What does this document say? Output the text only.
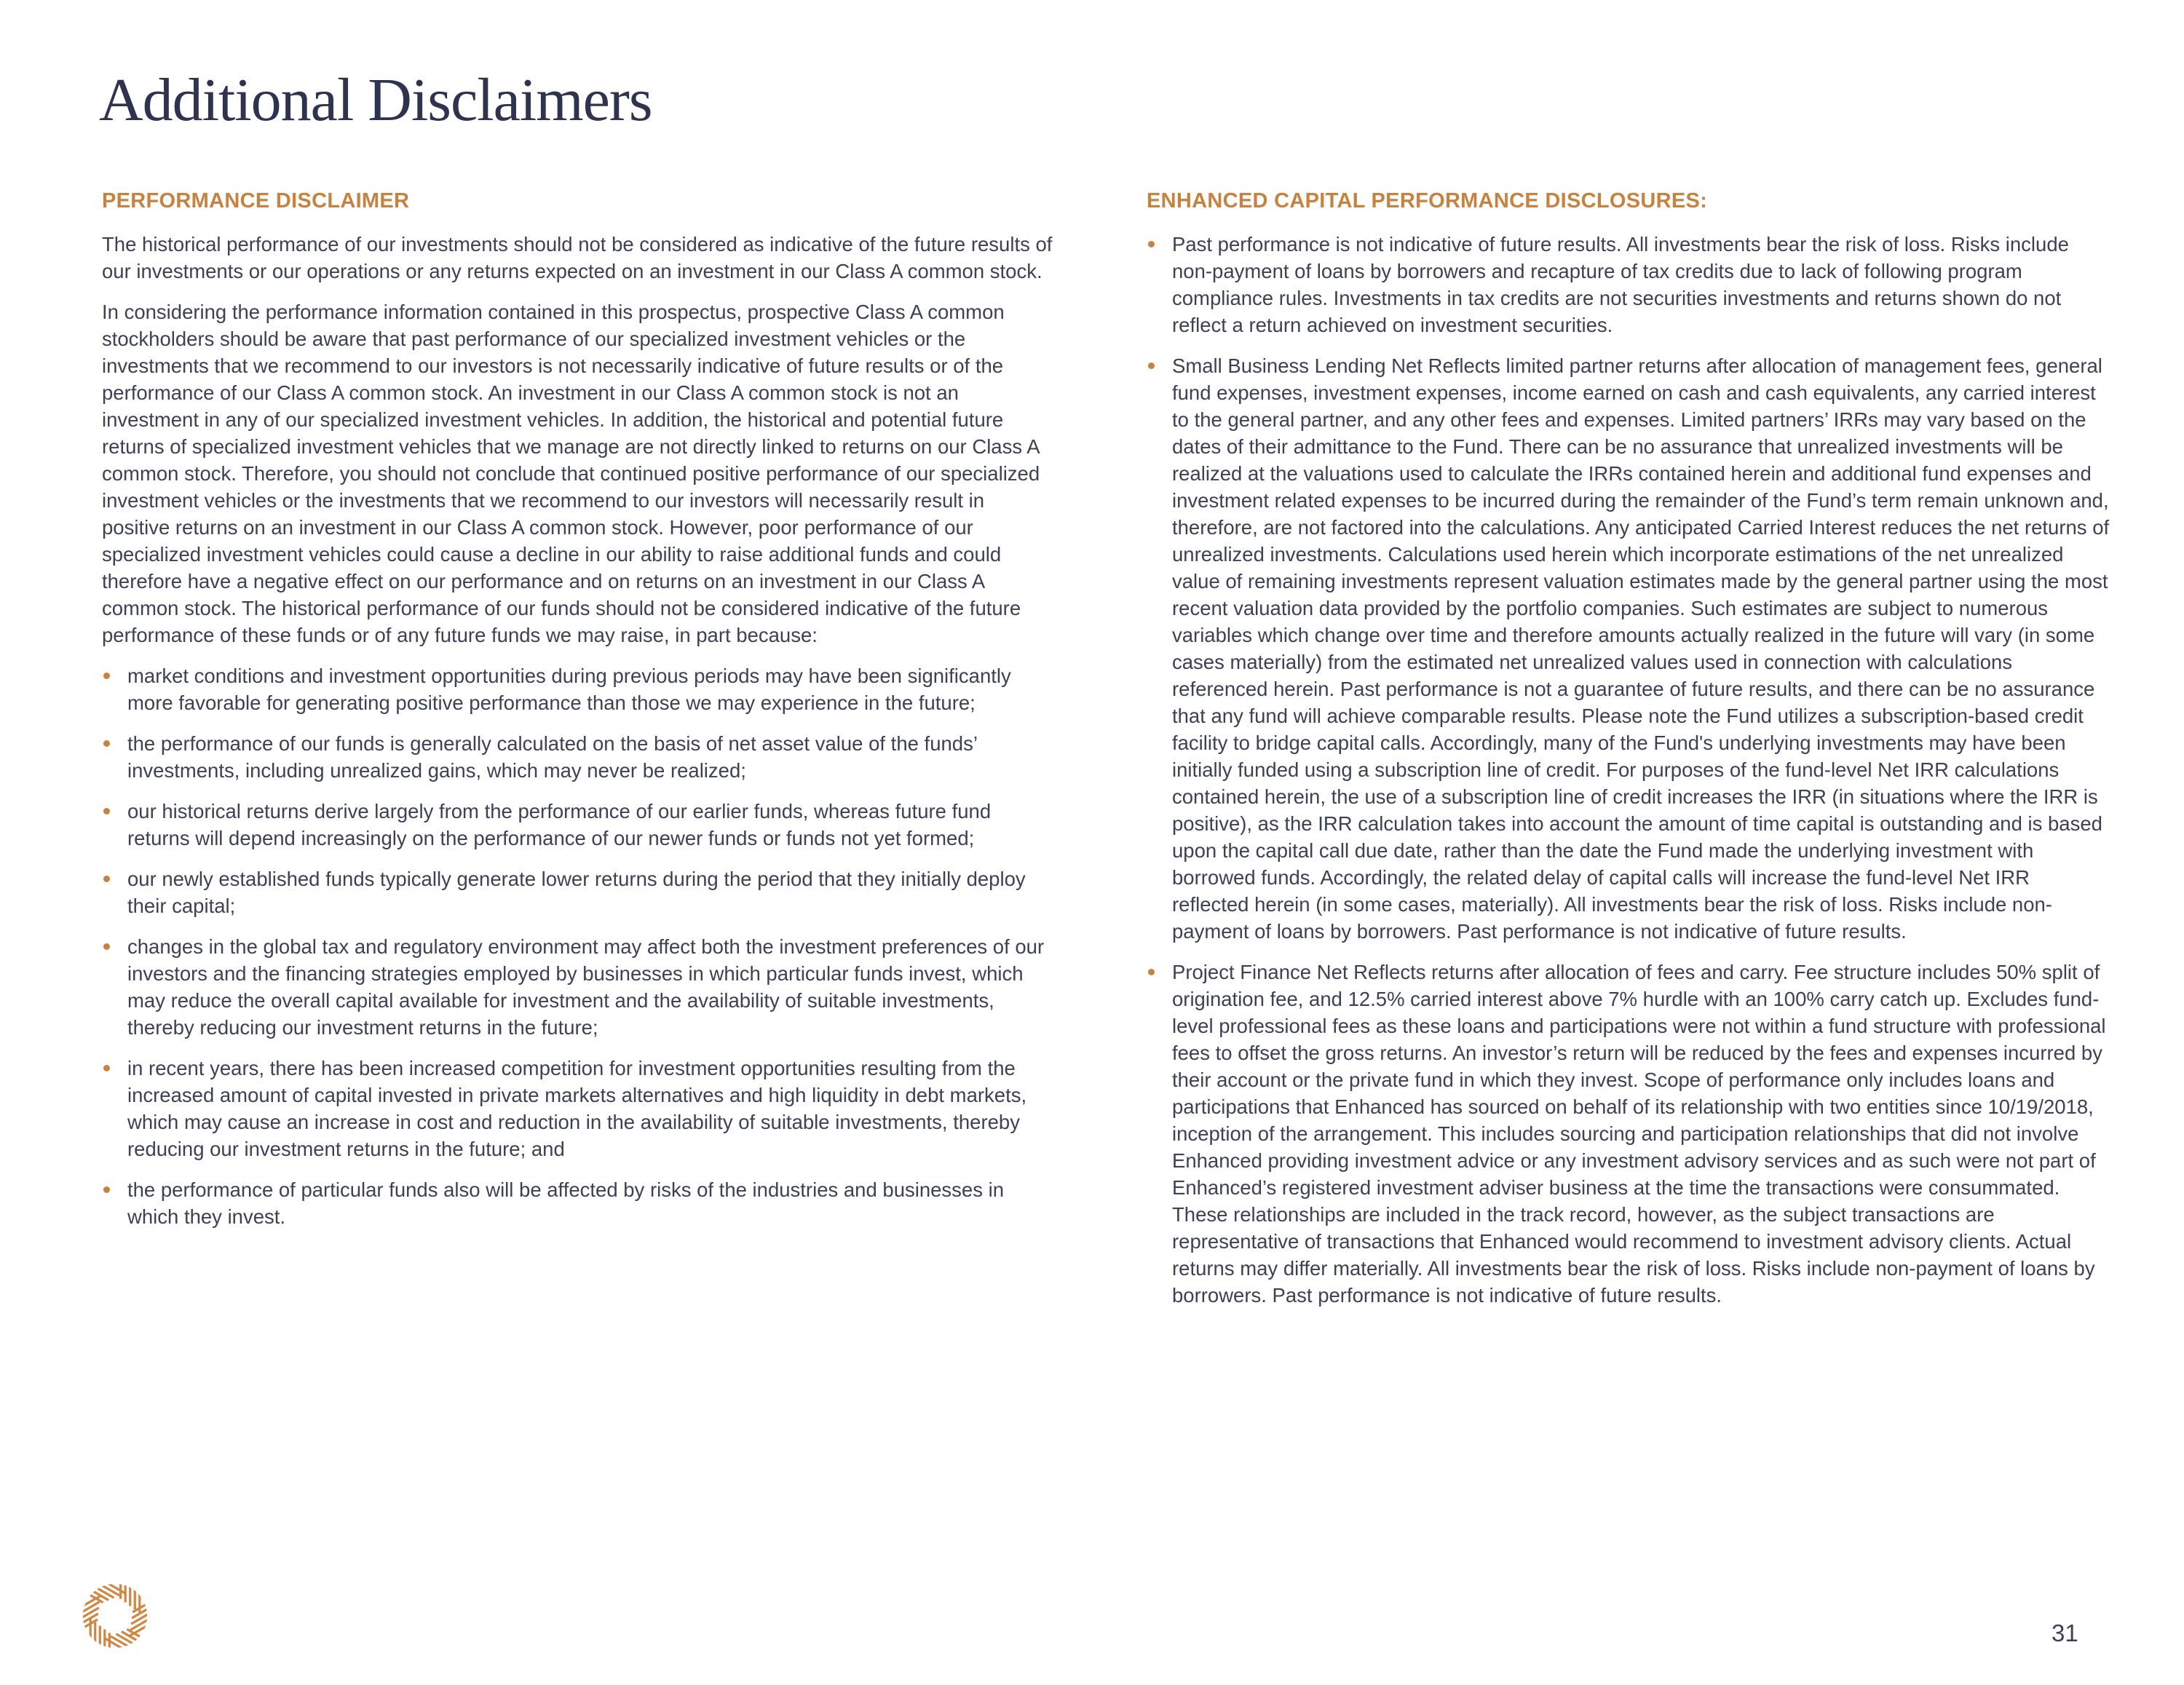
Additional Disclaimers
PERFORMANCE DISCLAIMER

The historical performance of our investments should not be considered as indicative of the future results of our investments or our operations or any returns expected on an investment in our Class A common stock.

In considering the performance information contained in this prospectus, prospective Class A common stockholders should be aware that past performance of our specialized investment vehicles or the investments that we recommend to our investors is not necessarily indicative of future results or of the performance of our Class A common stock. An investment in our Class A common stock is not an investment in any of our specialized investment vehicles. In addition, the historical and potential future returns of specialized investment vehicles that we manage are not directly linked to returns on our Class A common stock. Therefore, you should not conclude that continued positive performance of our specialized investment vehicles or the investments that we recommend to our investors will necessarily result in positive returns on an investment in our Class A common stock. However, poor performance of our specialized investment vehicles could cause a decline in our ability to raise additional funds and could therefore have a negative effect on our performance and on returns on an investment in our Class A common stock. The historical performance of our funds should not be considered indicative of the future performance of these funds or of any future funds we may raise, in part because:

market conditions and investment opportunities during previous periods may have been significantly more favorable for generating positive performance than those we may experience in the future;
the performance of our funds is generally calculated on the basis of net asset value of the funds’ investments, including unrealized gains, which may never be realized;
our historical returns derive largely from the performance of our earlier funds, whereas future fund returns will depend increasingly on the performance of our newer funds or funds not yet formed;
our newly established funds typically generate lower returns during the period that they initially deploy their capital;
changes in the global tax and regulatory environment may affect both the investment preferences of our investors and the financing strategies employed by businesses in which particular funds invest, which may reduce the overall capital available for investment and the availability of suitable investments, thereby reducing our investment returns in the future;
in recent years, there has been increased competition for investment opportunities resulting from the increased amount of capital invested in private markets alternatives and high liquidity in debt markets, which may cause an increase in cost and reduction in the availability of suitable investments, thereby reducing our investment returns in the future; and
the performance of particular funds also will be affected by risks of the industries and businesses in which they invest.
ENHANCED CAPITAL PERFORMANCE DISCLOSURES:
Past performance is not indicative of future results. All investments bear the risk of loss. Risks include non-payment of loans by borrowers and recapture of tax credits due to lack of following program compliance rules. Investments in tax credits are not securities investments and returns shown do not reflect a return achieved on investment securities.
Small Business Lending Net Reflects limited partner returns after allocation of management fees, general fund expenses, investment expenses, income earned on cash and cash equivalents, any carried interest to the general partner, and any other fees and expenses. Limited partners’ IRRs may vary based on the dates of their admittance to the Fund. There can be no assurance that unrealized investments will be realized at the valuations used to calculate the IRRs contained herein and additional fund expenses and investment related expenses to be incurred during the remainder of the Fund’s term remain unknown and, therefore, are not factored into the calculations. Any anticipated Carried Interest reduces the net returns of unrealized investments. Calculations used herein which incorporate estimations of the net unrealized value of remaining investments represent valuation estimates made by the general partner using the most recent valuation data provided by the portfolio companies. Such estimates are subject to numerous variables which change over time and therefore amounts actually realized in the future will vary (in some cases materially) from the estimated net unrealized values used in connection with calculations referenced herein. Past performance is not a guarantee of future results, and there can be no assurance that any fund will achieve comparable results. Please note the Fund utilizes a subscription-based credit facility to bridge capital calls. Accordingly, many of the Fund's underlying investments may have been initially funded using a subscription line of credit. For purposes of the fund-level Net IRR calculations contained herein, the use of a subscription line of credit increases the IRR (in situations where the IRR is positive), as the IRR calculation takes into account the amount of time capital is outstanding and is based upon the capital call due date, rather than the date the Fund made the underlying investment with borrowed funds. Accordingly, the related delay of capital calls will increase the fund-level Net IRR reflected herein (in some cases, materially). All investments bear the risk of loss. Risks include non-payment of loans by borrowers. Past performance is not indicative of future results.
Project Finance Net Reflects returns after allocation of fees and carry. Fee structure includes 50% split of origination fee, and 12.5% carried interest above 7% hurdle with an 100% carry catch up. Excludes fund-level professional fees as these loans and participations were not within a fund structure with professional fees to offset the gross returns. An investor’s return will be reduced by the fees and expenses incurred by their account or the private fund in which they invest. Scope of performance only includes loans and participations that Enhanced has sourced on behalf of its relationship with two entities since 10/19/2018, inception of the arrangement. This includes sourcing and participation relationships that did not involve Enhanced providing investment advice or any investment advisory services and as such were not part of Enhanced’s registered investment adviser business at the time the transactions were consummated. These relationships are included in the track record, however, as the subject transactions are representative of transactions that Enhanced would recommend to investment advisory clients. Actual returns may differ materially. All investments bear the risk of loss. Risks include non-payment of loans by borrowers. Past performance is not indicative of future results.
31
